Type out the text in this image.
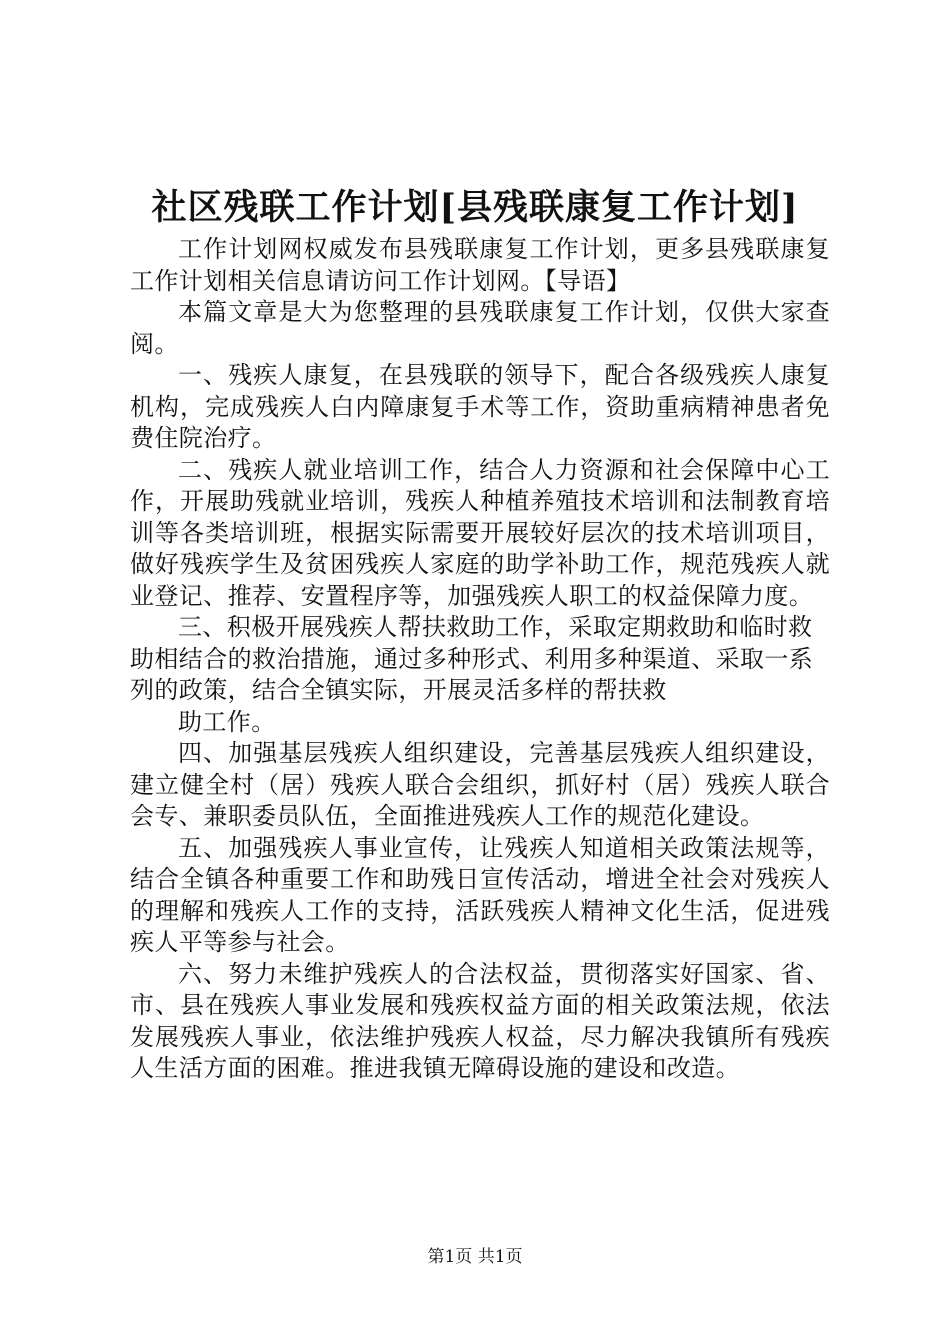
社区残联工作计划[县残联康复工作计划]

工作计划网权威发布县残联康复工作计划，更多县残联康复工作计划相关信息请访问工作计划网。【导语】

本篇文章是大为您整理的县残联康复工作计划，仅供大家查阅。

一、残疾人康复，在县残联的领导下，配合各级残疾人康复机构，完成残疾人白内障康复手术等工作，资助重病精神患者免费住院治疗。

二、残疾人就业培训工作，结合人力资源和社会保障中心工作，开展助残就业培训，残疾人种植养殖技术培训和法制教育培训等各类培训班，根据实际需要开展较好层次的技术培训项目，做好残疾学生及贫困残疾人家庭的助学补助工作，规范残疾人就业登记、推荐、安置程序等，加强残疾人职工的权益保障力度。

三、积极开展残疾人帮扶救助工作，采取定期救助和临时救助相结合的救治措施，通过多种形式、利用多种渠道、采取一系列的政策，结合全镇实际，开展灵活多样的帮扶救

助工作。

四、加强基层残疾人组织建设，完善基层残疾人组织建设，建立健全村（居）残疾人联合会组织，抓好村（居）残疾人联合会专、兼职委员队伍，全面推进残疾人工作的规范化建设。

五、加强残疾人事业宣传，让残疾人知道相关政策法规等，结合全镇各种重要工作和助残日宣传活动，增进全社会对残疾人的理解和残疾人工作的支持，活跃残疾人精神文化生活，促进残疾人平等参与社会。

六、努力未维护残疾人的合法权益，贯彻落实好国家、省、市、县在残疾人事业发展和残疾权益方面的相关政策法规，依法发展残疾人事业，依法维护残疾人权益，尽力解决我镇所有残疾人生活方面的困难。推进我镇无障碍设施的建设和改造。

第1页 共1页
